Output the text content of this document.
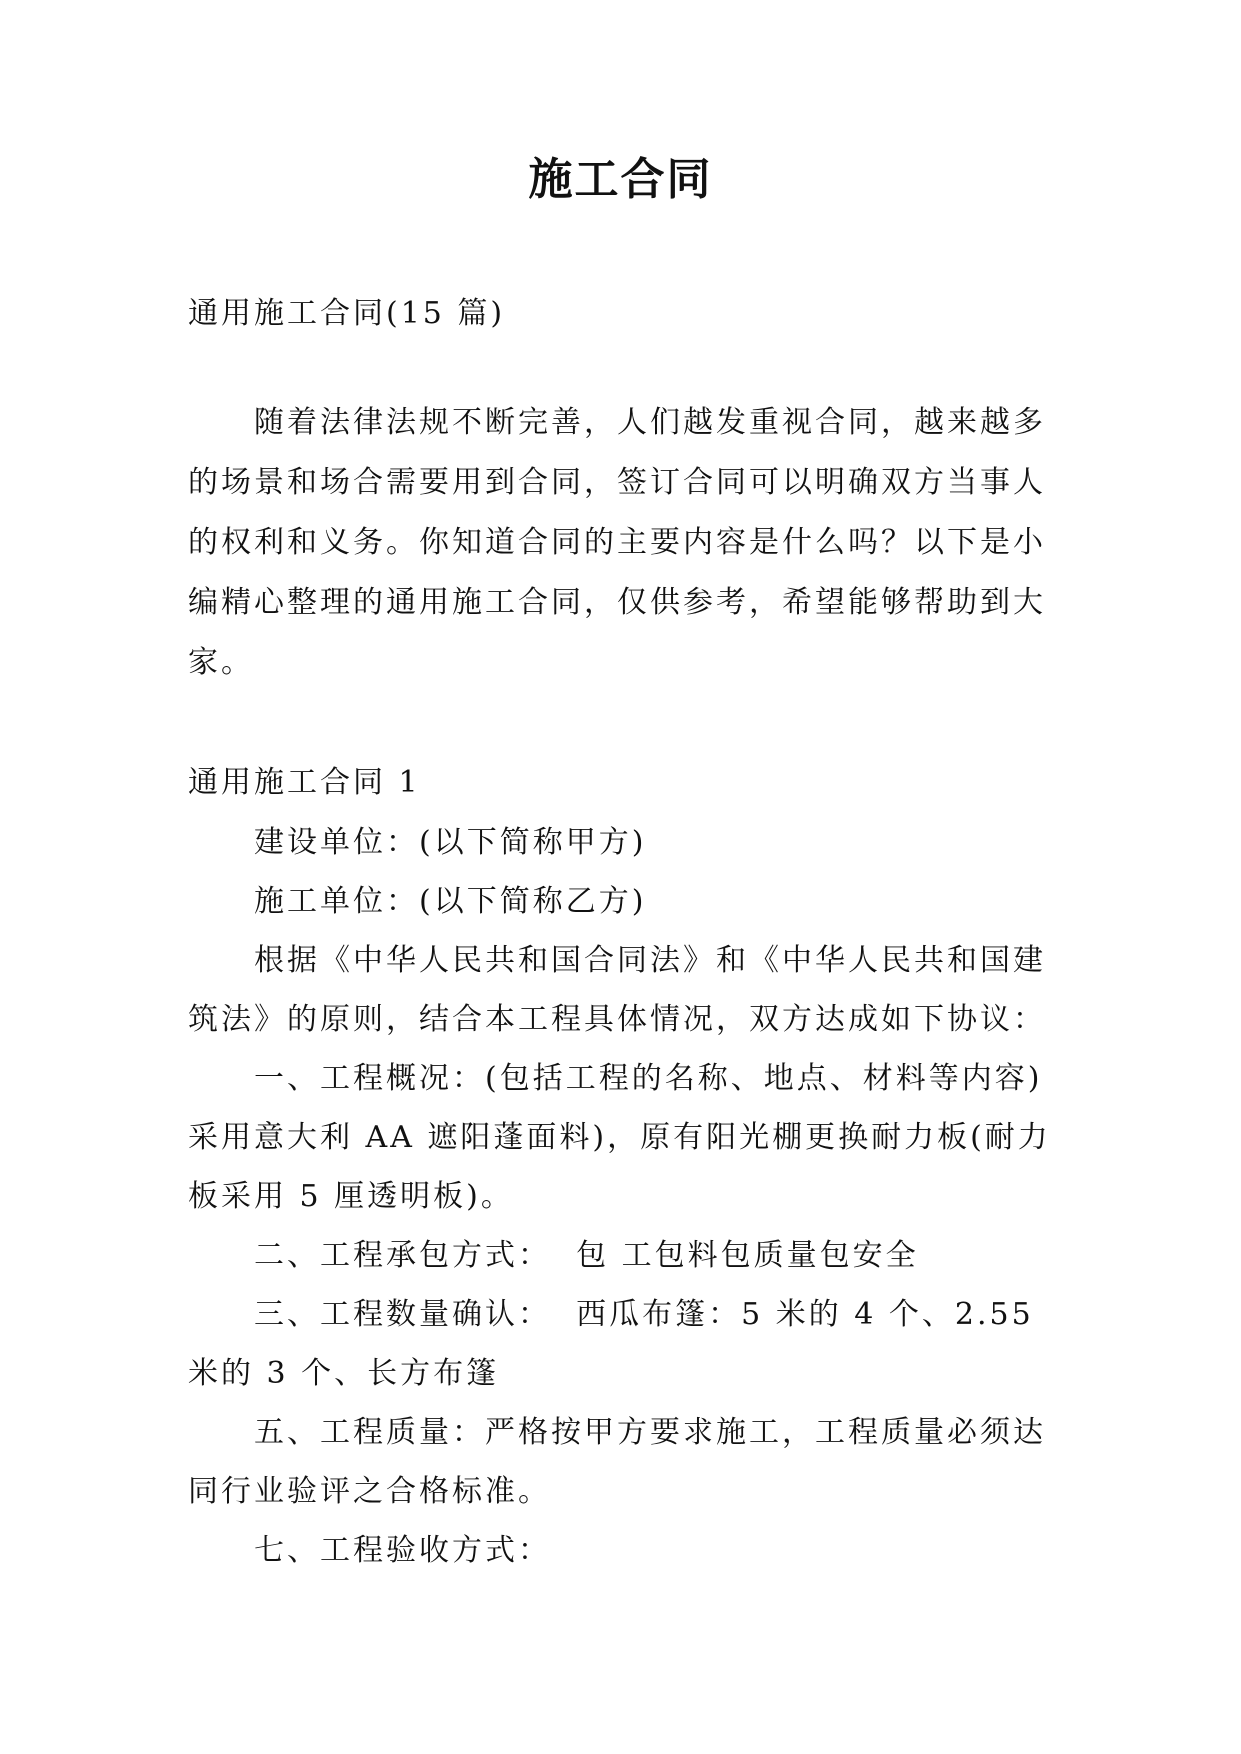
施工合同

通用施工合同(15 篇)

随着法律法规不断完善，人们越发重视合同，越来越多的场景和场合需要用到合同，签订合同可以明确双方当事人的权利和义务。你知道合同的主要内容是什么吗？以下是小编精心整理的通用施工合同，仅供参考，希望能够帮助到大家。

通用施工合同 1

建设单位：(以下简称甲方)

施工单位：(以下简称乙方)

根据《中华人民共和国合同法》和《中华人民共和国建筑法》的原则，结合本工程具体情况，双方达成如下协议：

一、工程概况：(包括工程的名称、地点、材料等内容)采用意大利 AA 遮阳蓬面料)，原有阳光棚更换耐力板(耐力板采用 5 厘透明板)。

二、工程承包方式：  包 工包料包质量包安全

三、工程数量确认：  西瓜布篷：5 米的 4 个、2.55 米的 3 个、长方布篷

五、工程质量：严格按甲方要求施工，工程质量必须达同行业验评之合格标准。

七、工程验收方式：
